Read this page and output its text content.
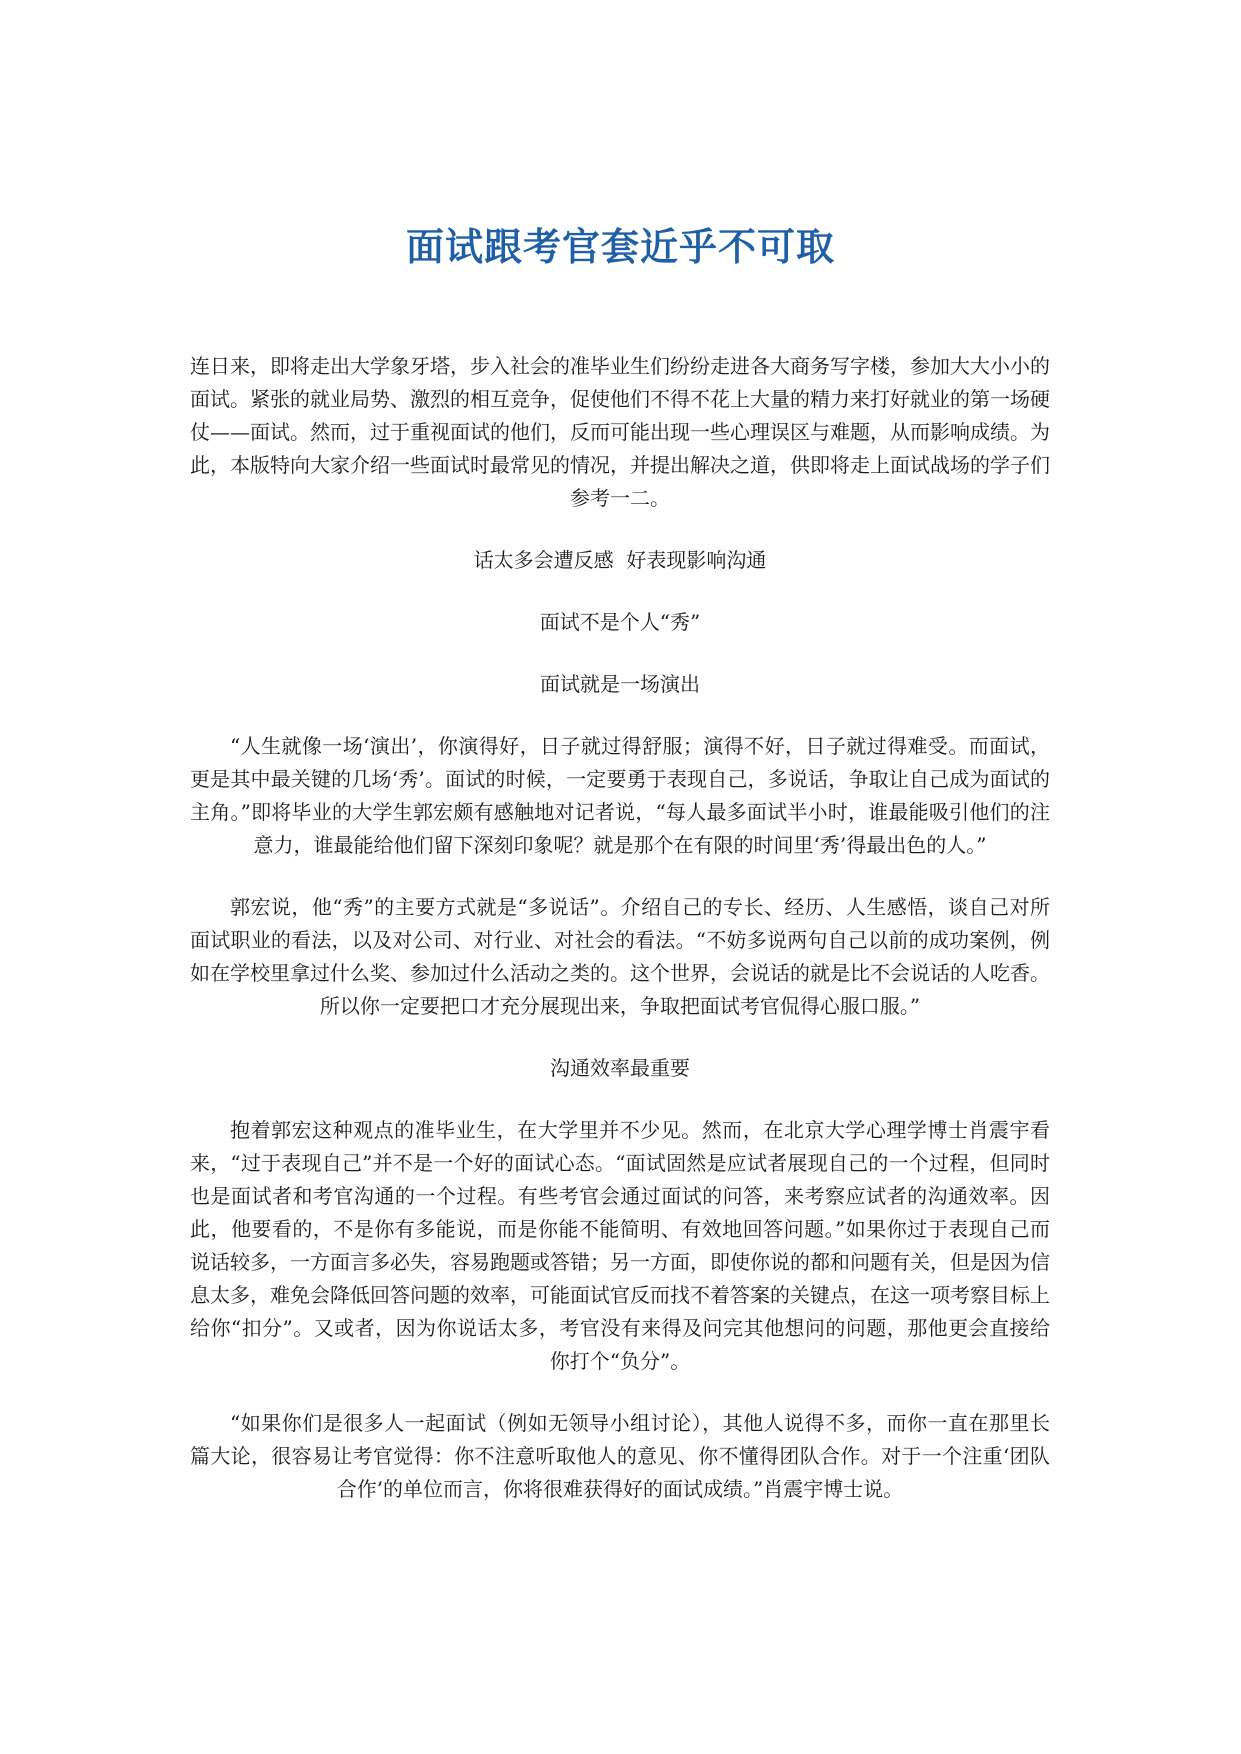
面试跟考官套近乎不可取

连日来，即将走出大学象牙塔，步入社会的准毕业生们纷纷走进各大商务写字楼，参加大大小小的面试。紧张的就业局势、激烈的相互竞争，促使他们不得不花上大量的精力来打好就业的第一场硬仗——面试。然而，过于重视面试的他们，反而可能出现一些心理误区与难题，从而影响成绩。为此，本版特向大家介绍一些面试时最常见的情况，并提出解决之道，供即将走上面试战场的学子们参考一二。

话太多会遭反感  好表现影响沟通

面试不是个人“秀”

面试就是一场演出

“人生就像一场‘演出’，你演得好，日子就过得舒服；演得不好，日子就过得难受。而面试，更是其中最关键的几场‘秀’。面试的时候，一定要勇于表现自己，多说话，争取让自己成为面试的主角。”即将毕业的大学生郭宏颇有感触地对记者说，“每人最多面试半小时，谁最能吸引他们的注意力，谁最能给他们留下深刻印象呢？就是那个在有限的时间里‘秀’得最出色的人。”

郭宏说，他“秀”的主要方式就是“多说话”。介绍自己的专长、经历、人生感悟，谈自己对所面试职业的看法，以及对公司、对行业、对社会的看法。“不妨多说两句自己以前的成功案例，例如在学校里拿过什么奖、参加过什么活动之类的。这个世界，会说话的就是比不会说话的人吃香。所以你一定要把口才充分展现出来，争取把面试考官侃得心服口服。”

沟通效率最重要

抱着郭宏这种观点的准毕业生，在大学里并不少见。然而，在北京大学心理学博士肖震宇看来，“过于表现自己”并不是一个好的面试心态。“面试固然是应试者展现自己的一个过程，但同时也是面试者和考官沟通的一个过程。有些考官会通过面试的问答，来考察应试者的沟通效率。因此，他要看的，不是你有多能说，而是你能不能简明、有效地回答问题。”如果你过于表现自己而说话较多，一方面言多必失，容易跑题或答错；另一方面，即使你说的都和问题有关，但是因为信息太多，难免会降低回答问题的效率，可能面试官反而找不着答案的关键点，在这一项考察目标上给你“扣分”。又或者，因为你说话太多，考官没有来得及问完其他想问的问题，那他更会直接给你打个“负分”。

“如果你们是很多人一起面试（例如无领导小组讨论），其他人说得不多，而你一直在那里长篇大论，很容易让考官觉得：你不注意听取他人的意见、你不懂得团队合作。对于一个注重‘团队合作’的单位而言，你将很难获得好的面试成绩。”肖震宇博士说。
